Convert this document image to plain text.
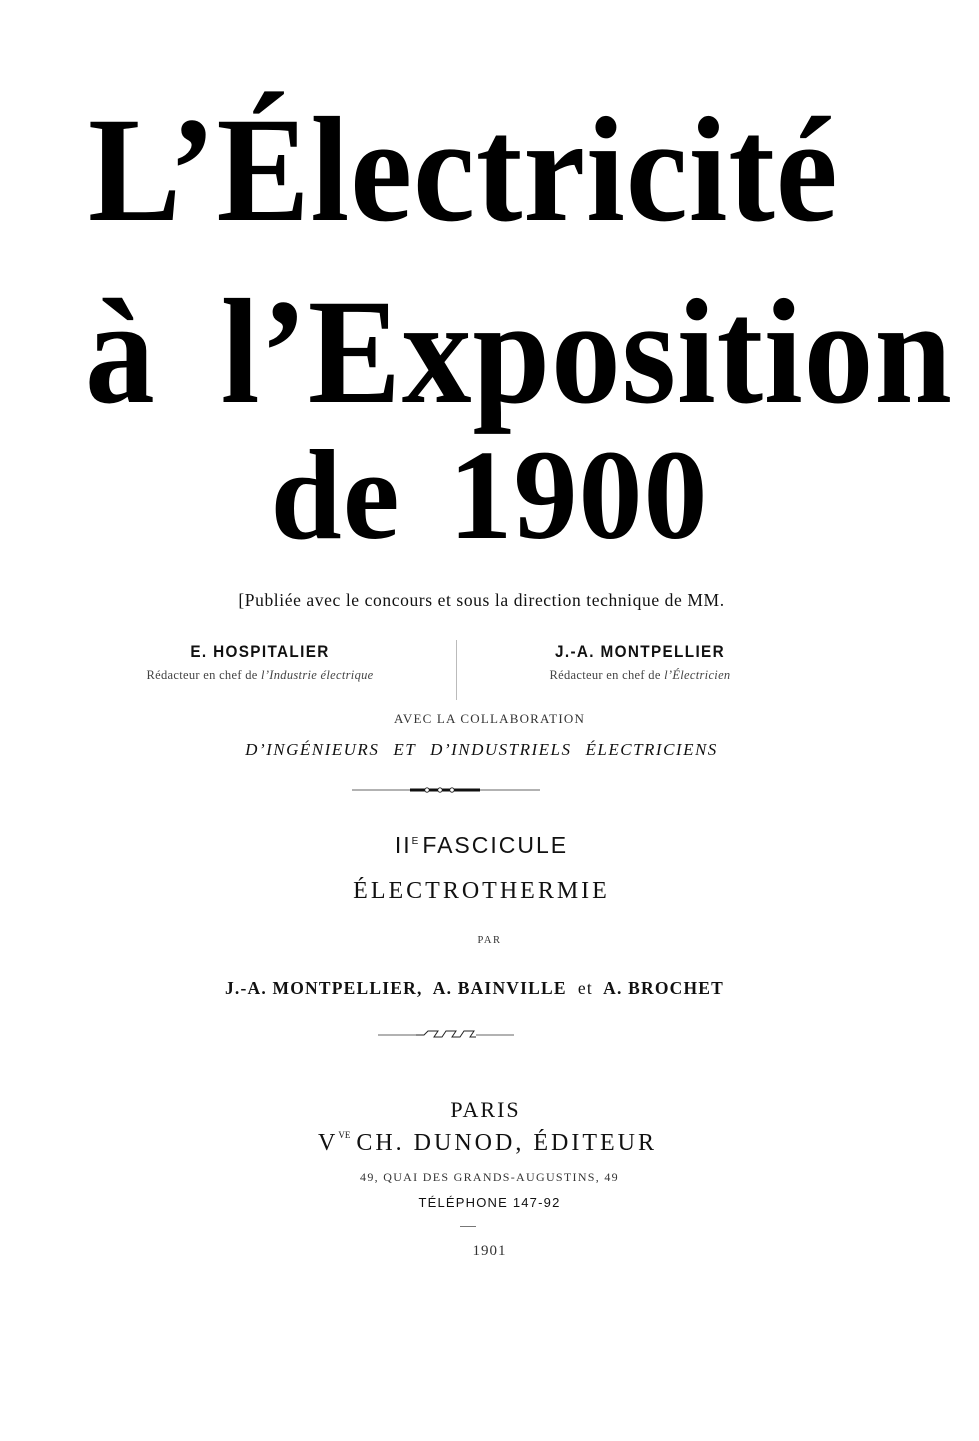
L’Électricité
à l’Exposition
de 1900
[Publiée avec le concours et sous la direction technique de MM.
E. HOSPITALIER
Rédacteur en chef de l’Industrie électrique
J.-A. MONTPELLIER
Rédacteur en chef de l’Électricien
AVEC LA COLLABORATION
D’INGÉNIEURS ET D’INDUSTRIELS ÉLECTRICIENS
$II^E$ FASCICULE
ÉLECTROTHERMIE
PAR
J.-A. MONTPELLIER, A. BAINVILLE et A. BROCHET
PARIS
$V^{VE}$ CH. DUNOD, ÉDITEUR
49, QUAI DES GRANDS-AUGUSTINS, 49
TÉLÉPHONE 147-92
1901
